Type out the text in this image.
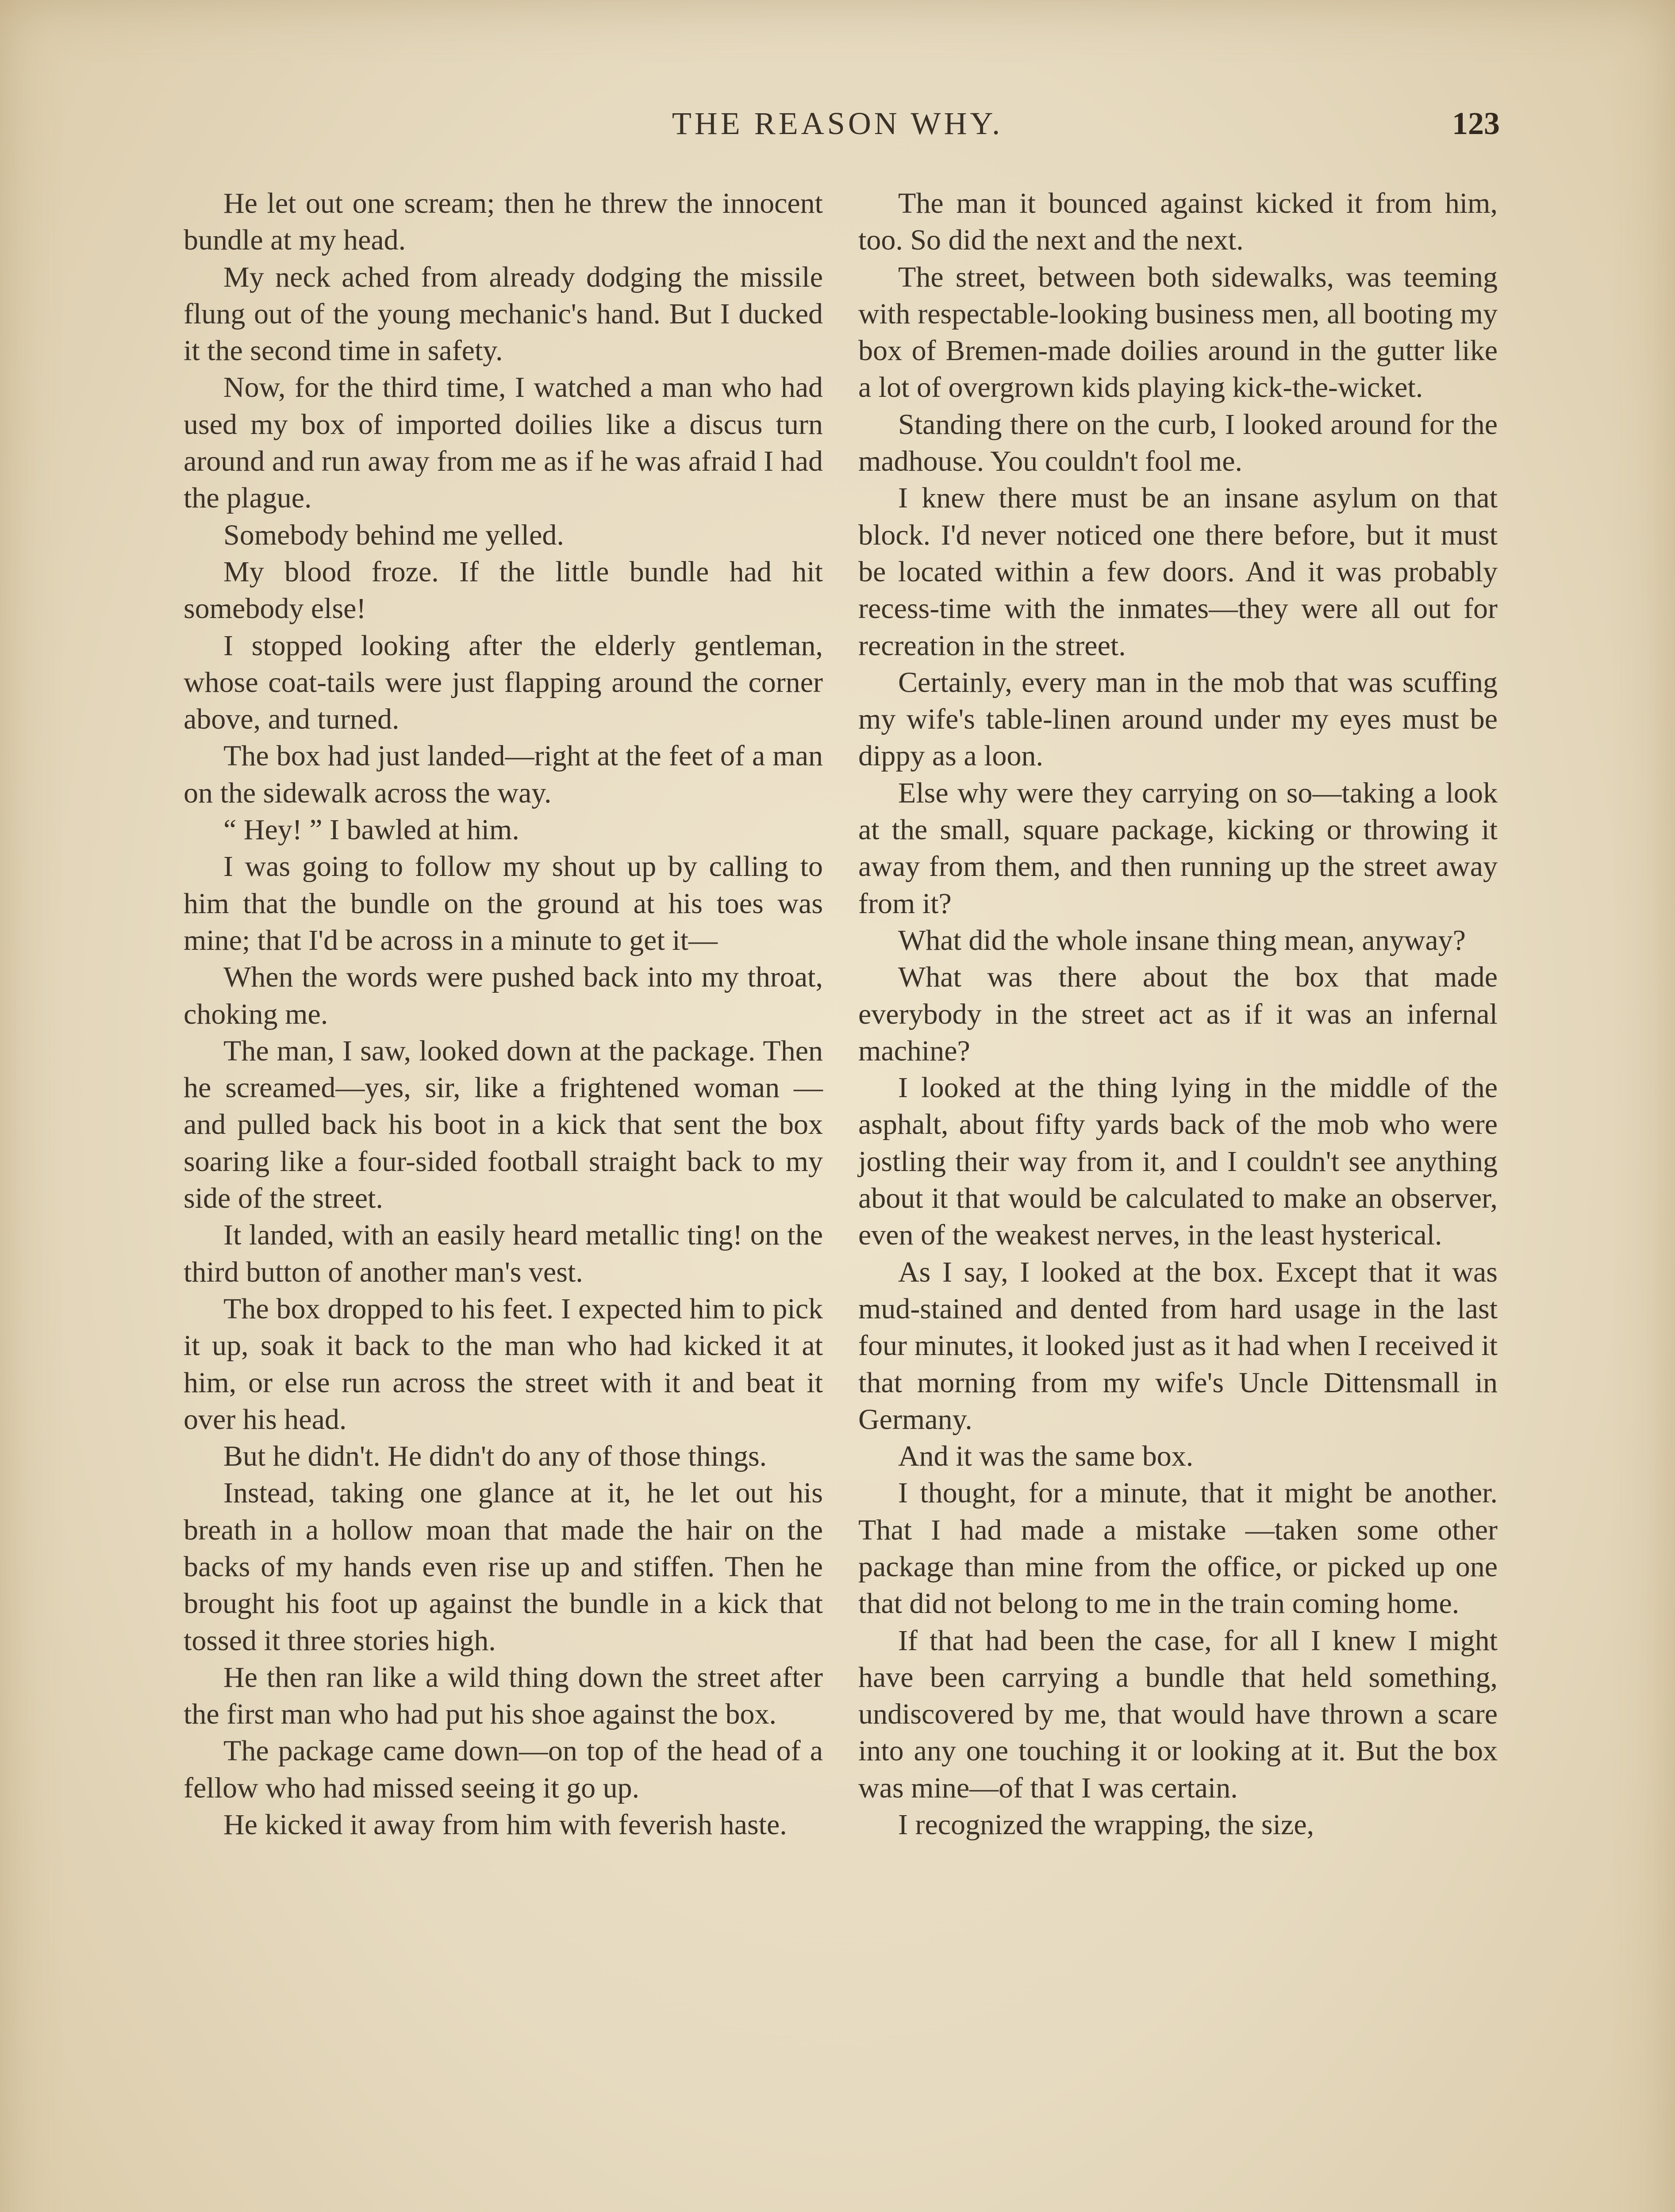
THE REASON WHY.	123

He let out one scream; then he threw the innocent bundle at my head.

My neck ached from already dodging the missile flung out of the young mechanic's hand. But I ducked it the second time in safety.

Now, for the third time, I watched a man who had used my box of imported doilies like a discus turn around and run away from me as if he was afraid I had the plague.

Somebody behind me yelled.

My blood froze. If the little bundle had hit somebody else!

I stopped looking after the elderly gentleman, whose coat-tails were just flapping around the corner above, and turned.

The box had just landed—right at the feet of a man on the sidewalk across the way.

“ Hey! ” I bawled at him.

I was going to follow my shout up by calling to him that the bundle on the ground at his toes was mine; that I'd be across in a minute to get it—

When the words were pushed back into my throat, choking me.

The man, I saw, looked down at the package. Then he screamed—yes, sir, like a frightened woman — and pulled back his boot in a kick that sent the box soaring like a four-sided football straight back to my side of the street.

It landed, with an easily heard metallic ting! on the third button of another man's vest.

The box dropped to his feet. I expected him to pick it up, soak it back to the man who had kicked it at him, or else run across the street with it and beat it over his head.

But he didn't. He didn't do any of those things.

Instead, taking one glance at it, he let out his breath in a hollow moan that made the hair on the backs of my hands even rise up and stiffen. Then he brought his foot up against the bundle in a kick that tossed it three stories high.

He then ran like a wild thing down the street after the first man who had put his shoe against the box.

The package came down—on top of the head of a fellow who had missed seeing it go up.

He kicked it away from him with feverish haste.

The man it bounced against kicked it from him, too. So did the next and the next.

The street, between both sidewalks, was teeming with respectable-looking business men, all booting my box of Bremen-made doilies around in the gutter like a lot of overgrown kids playing kick-the-wicket.

Standing there on the curb, I looked around for the madhouse. You couldn't fool me.

I knew there must be an insane asylum on that block. I'd never noticed one there before, but it must be located within a few doors. And it was probably recess-time with the inmates—they were all out for recreation in the street.

Certainly, every man in the mob that was scuffing my wife's table-linen around under my eyes must be dippy as a loon.

Else why were they carrying on so—taking a look at the small, square package, kicking or throwing it away from them, and then running up the street away from it?

What did the whole insane thing mean, anyway?

What was there about the box that made everybody in the street act as if it was an infernal machine?

I looked at the thing lying in the middle of the asphalt, about fifty yards back of the mob who were jostling their way from it, and I couldn't see anything about it that would be calculated to make an observer, even of the weakest nerves, in the least hysterical.

As I say, I looked at the box. Except that it was mud-stained and dented from hard usage in the last four minutes, it looked just as it had when I received it that morning from my wife's Uncle Dittensmall in Germany.

And it was the same box.

I thought, for a minute, that it might be another. That I had made a mistake —taken some other package than mine from the office, or picked up one that did not belong to me in the train coming home.

If that had been the case, for all I knew I might have been carrying a bundle that held something, undiscovered by me, that would have thrown a scare into any one touching it or looking at it. But the box was mine—of that I was certain.

I recognized the wrapping, the size,
